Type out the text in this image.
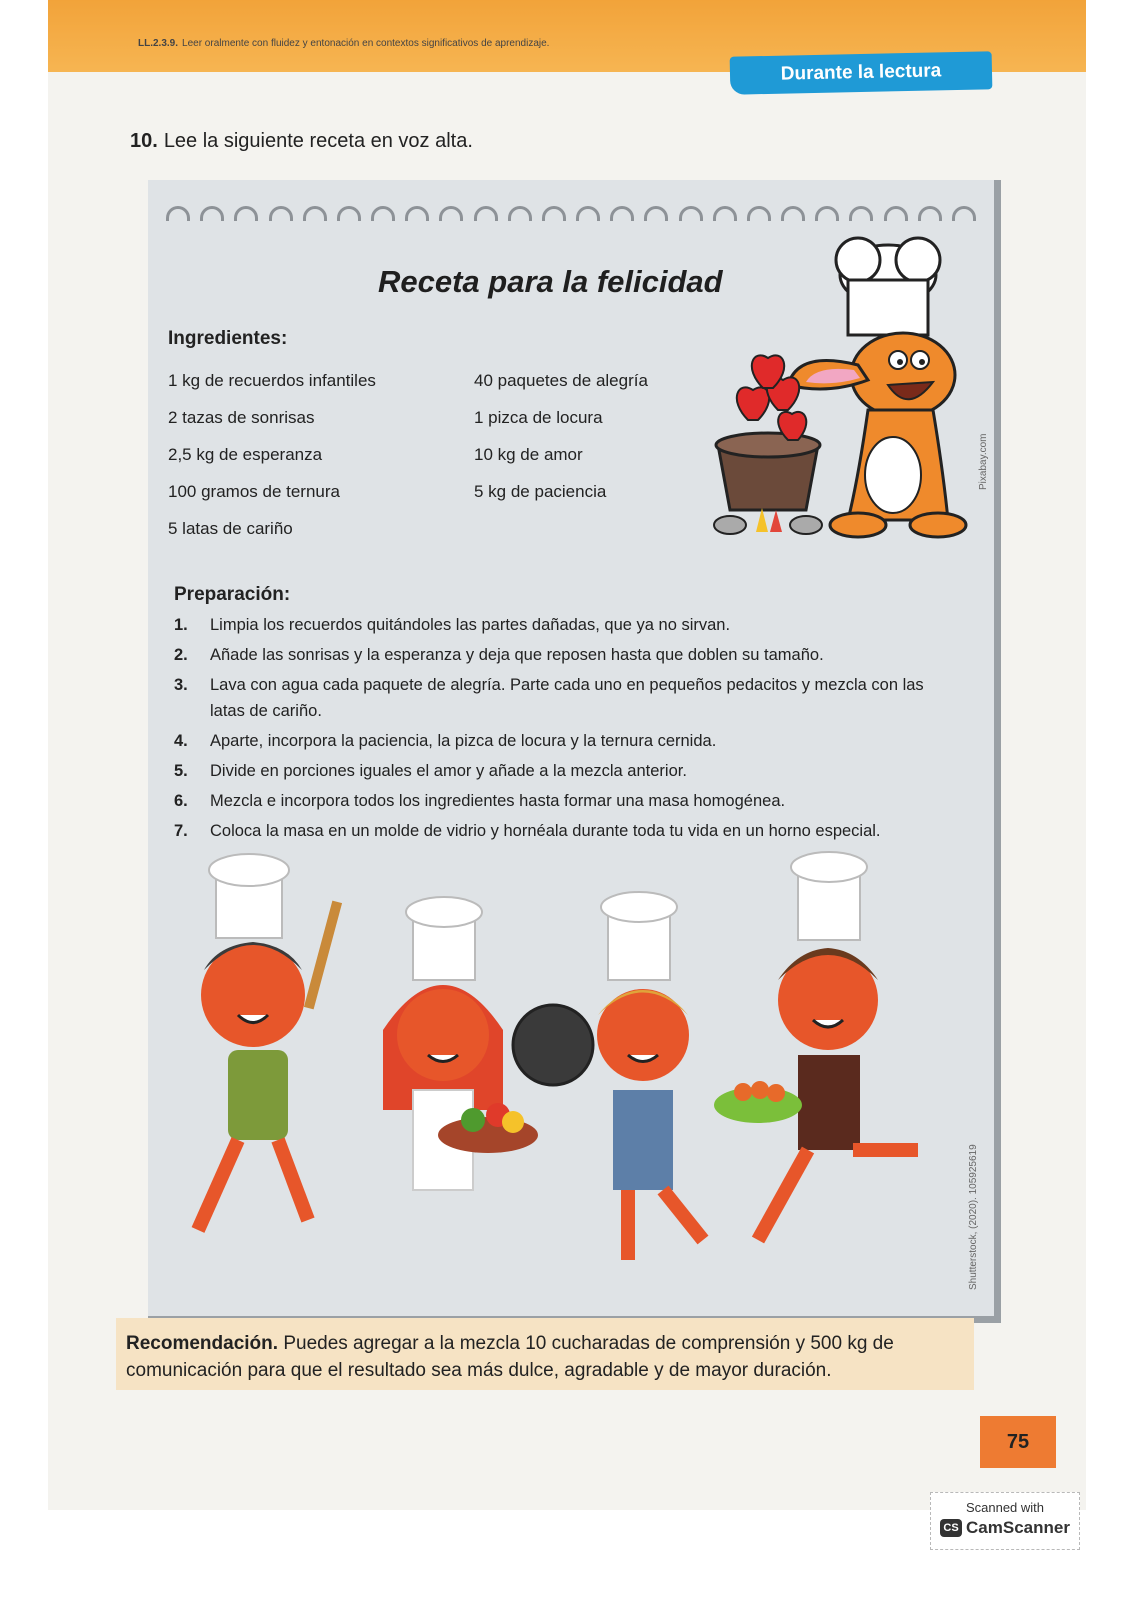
LL.2.3.9. Leer oralmente con fluidez y entonación en contextos significativos de aprendizaje.
Durante la lectura
10. Lee la siguiente receta en voz alta.
Receta para la felicidad
Ingredientes:
1 kg de recuerdos infantiles
2 tazas de sonrisas
2,5 kg de esperanza
100 gramos de ternura
5 latas de cariño
40 paquetes de alegría
1 pizca de locura
10 kg de amor
5 kg de paciencia
Pixabay.com
Preparación:
1.	Limpia los recuerdos quitándoles las partes dañadas, que ya no sirvan.
2.	Añade las sonrisas y la esperanza y deja que reposen hasta que doblen su tamaño.
3.	Lava con agua cada paquete de alegría. Parte cada uno en pequeños pedacitos y mezcla con las latas de cariño.
4.	Aparte, incorpora la paciencia, la pizca de locura y la ternura cernida.
5.	Divide en porciones iguales el amor y añade a la mezcla anterior.
6.	Mezcla e incorpora todos los ingredientes hasta formar una masa homogénea.
7.	Coloca la masa en un molde de vidrio y hornéala durante toda tu vida en un horno especial.
Shutterstock, (2020). 105925619
Recomendación. Puedes agregar a la mezcla 10 cucharadas de comprensión y 500 kg de comunicación para que el resultado sea más dulce, agradable y de mayor duración.
75
Scanned with
CS CamScanner
